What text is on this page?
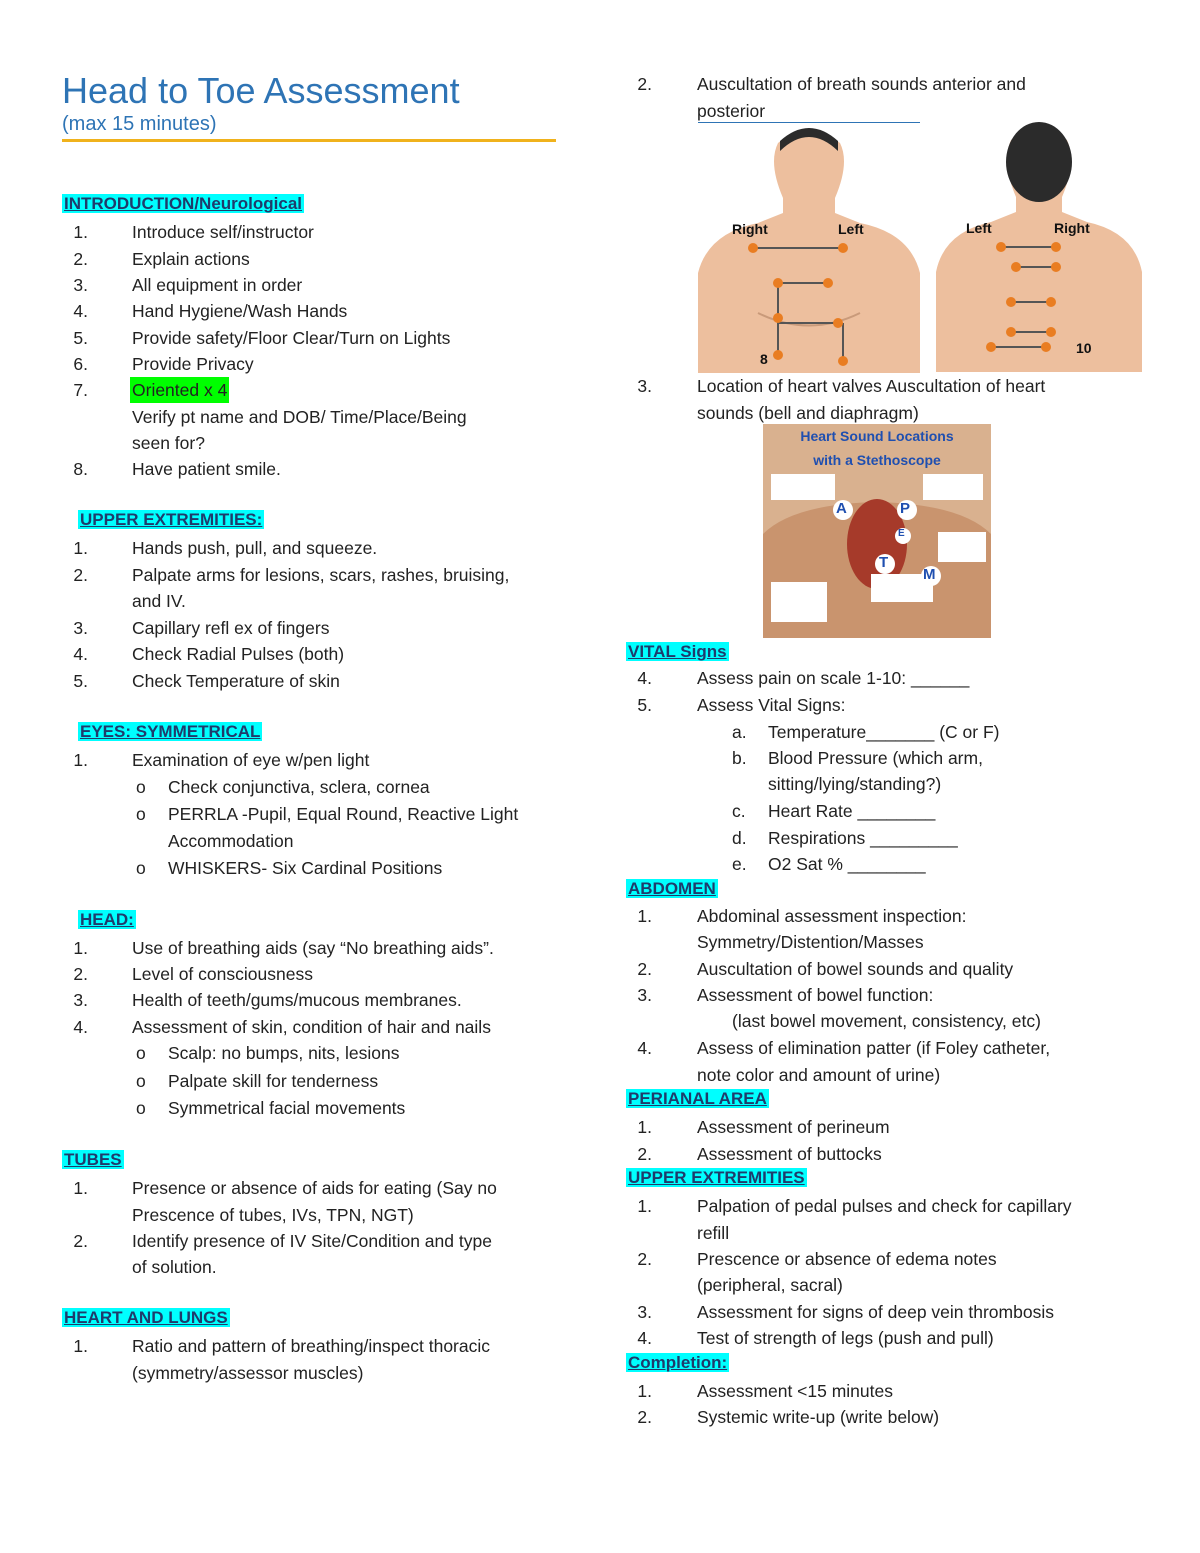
Head to Toe Assessment
(max 15 minutes)
INTRODUCTION/Neurological
1.	Introduce self/instructor
2.	Explain actions
3.	All equipment in order
4.	Hand Hygiene/Wash Hands
5.	Provide safety/Floor Clear/Turn on Lights
6.	Provide Privacy
7.	Oriented x 4
Verify pt name and DOB/ Time/Place/Being
seen for?
8.	Have patient smile.
UPPER EXTREMITIES:
1.	Hands push, pull, and squeeze.
2.	Palpate arms for lesions, scars, rashes, bruising,
and IV.
3.	Capillary refl ex of fingers
4.	Check Radial Pulses (both)
5.	Check Temperature of skin
EYES: SYMMETRICAL
1.	Examination of eye w/pen light
o Check conjunctiva, sclera, cornea
o PERRLA -Pupil, Equal Round, Reactive Light
Accommodation
o WHISKERS- Six Cardinal Positions
HEAD:
1.	Use of breathing aids (say “No breathing aids”.
2.	Level of consciousness
3.	Health of teeth/gums/mucous membranes.
4.	Assessment of skin, condition of hair and nails
o Scalp: no bumps, nits, lesions
o Palpate skill for tenderness
o Symmetrical facial movements
TUBES
1.	Presence or absence of aids for eating (Say no
Prescence of tubes, IVs, TPN, NGT)
2.	Identify presence of IV Site/Condition and type
of solution.
HEART AND LUNGS
1.	Ratio and pattern of breathing/inspect thoracic
(symmetry/assessor muscles)
2.	Auscultation of breath sounds anterior and
posterior
Right	Left
8
Left	Right
10
3.	Location of heart valves Auscultation of heart
sounds (bell and diaphragm)
Heart Sound Locations
with a Stethoscope
A	P
E
T
M
VITAL Signs
4.	Assess pain on scale 1-10: ______
5.	Assess Vital Signs:
a. Temperature_______ (C or F)
b. Blood Pressure (which arm,
sitting/lying/standing?)
c. Heart Rate ________
d. Respirations _________
e. O2 Sat % ________
ABDOMEN
1.	Abdominal assessment inspection:
Symmetry/Distention/Masses
2.	Auscultation of bowel sounds and quality
3.	Assessment of bowel function:
(last bowel movement, consistency, etc)
4.	Assess of elimination patter (if Foley catheter,
note color and amount of urine)
PERIANAL AREA
1.	Assessment of perineum
2.	Assessment of buttocks
UPPER EXTREMITIES
1.	Palpation of pedal pulses and check for capillary
refill
2.	Prescence or absence of edema notes
(peripheral, sacral)
3.	Assessment for signs of deep vein thrombosis
4.	Test of strength of legs (push and pull)
Completion:
1.	Assessment <15 minutes
2.	Systemic write-up (write below)
